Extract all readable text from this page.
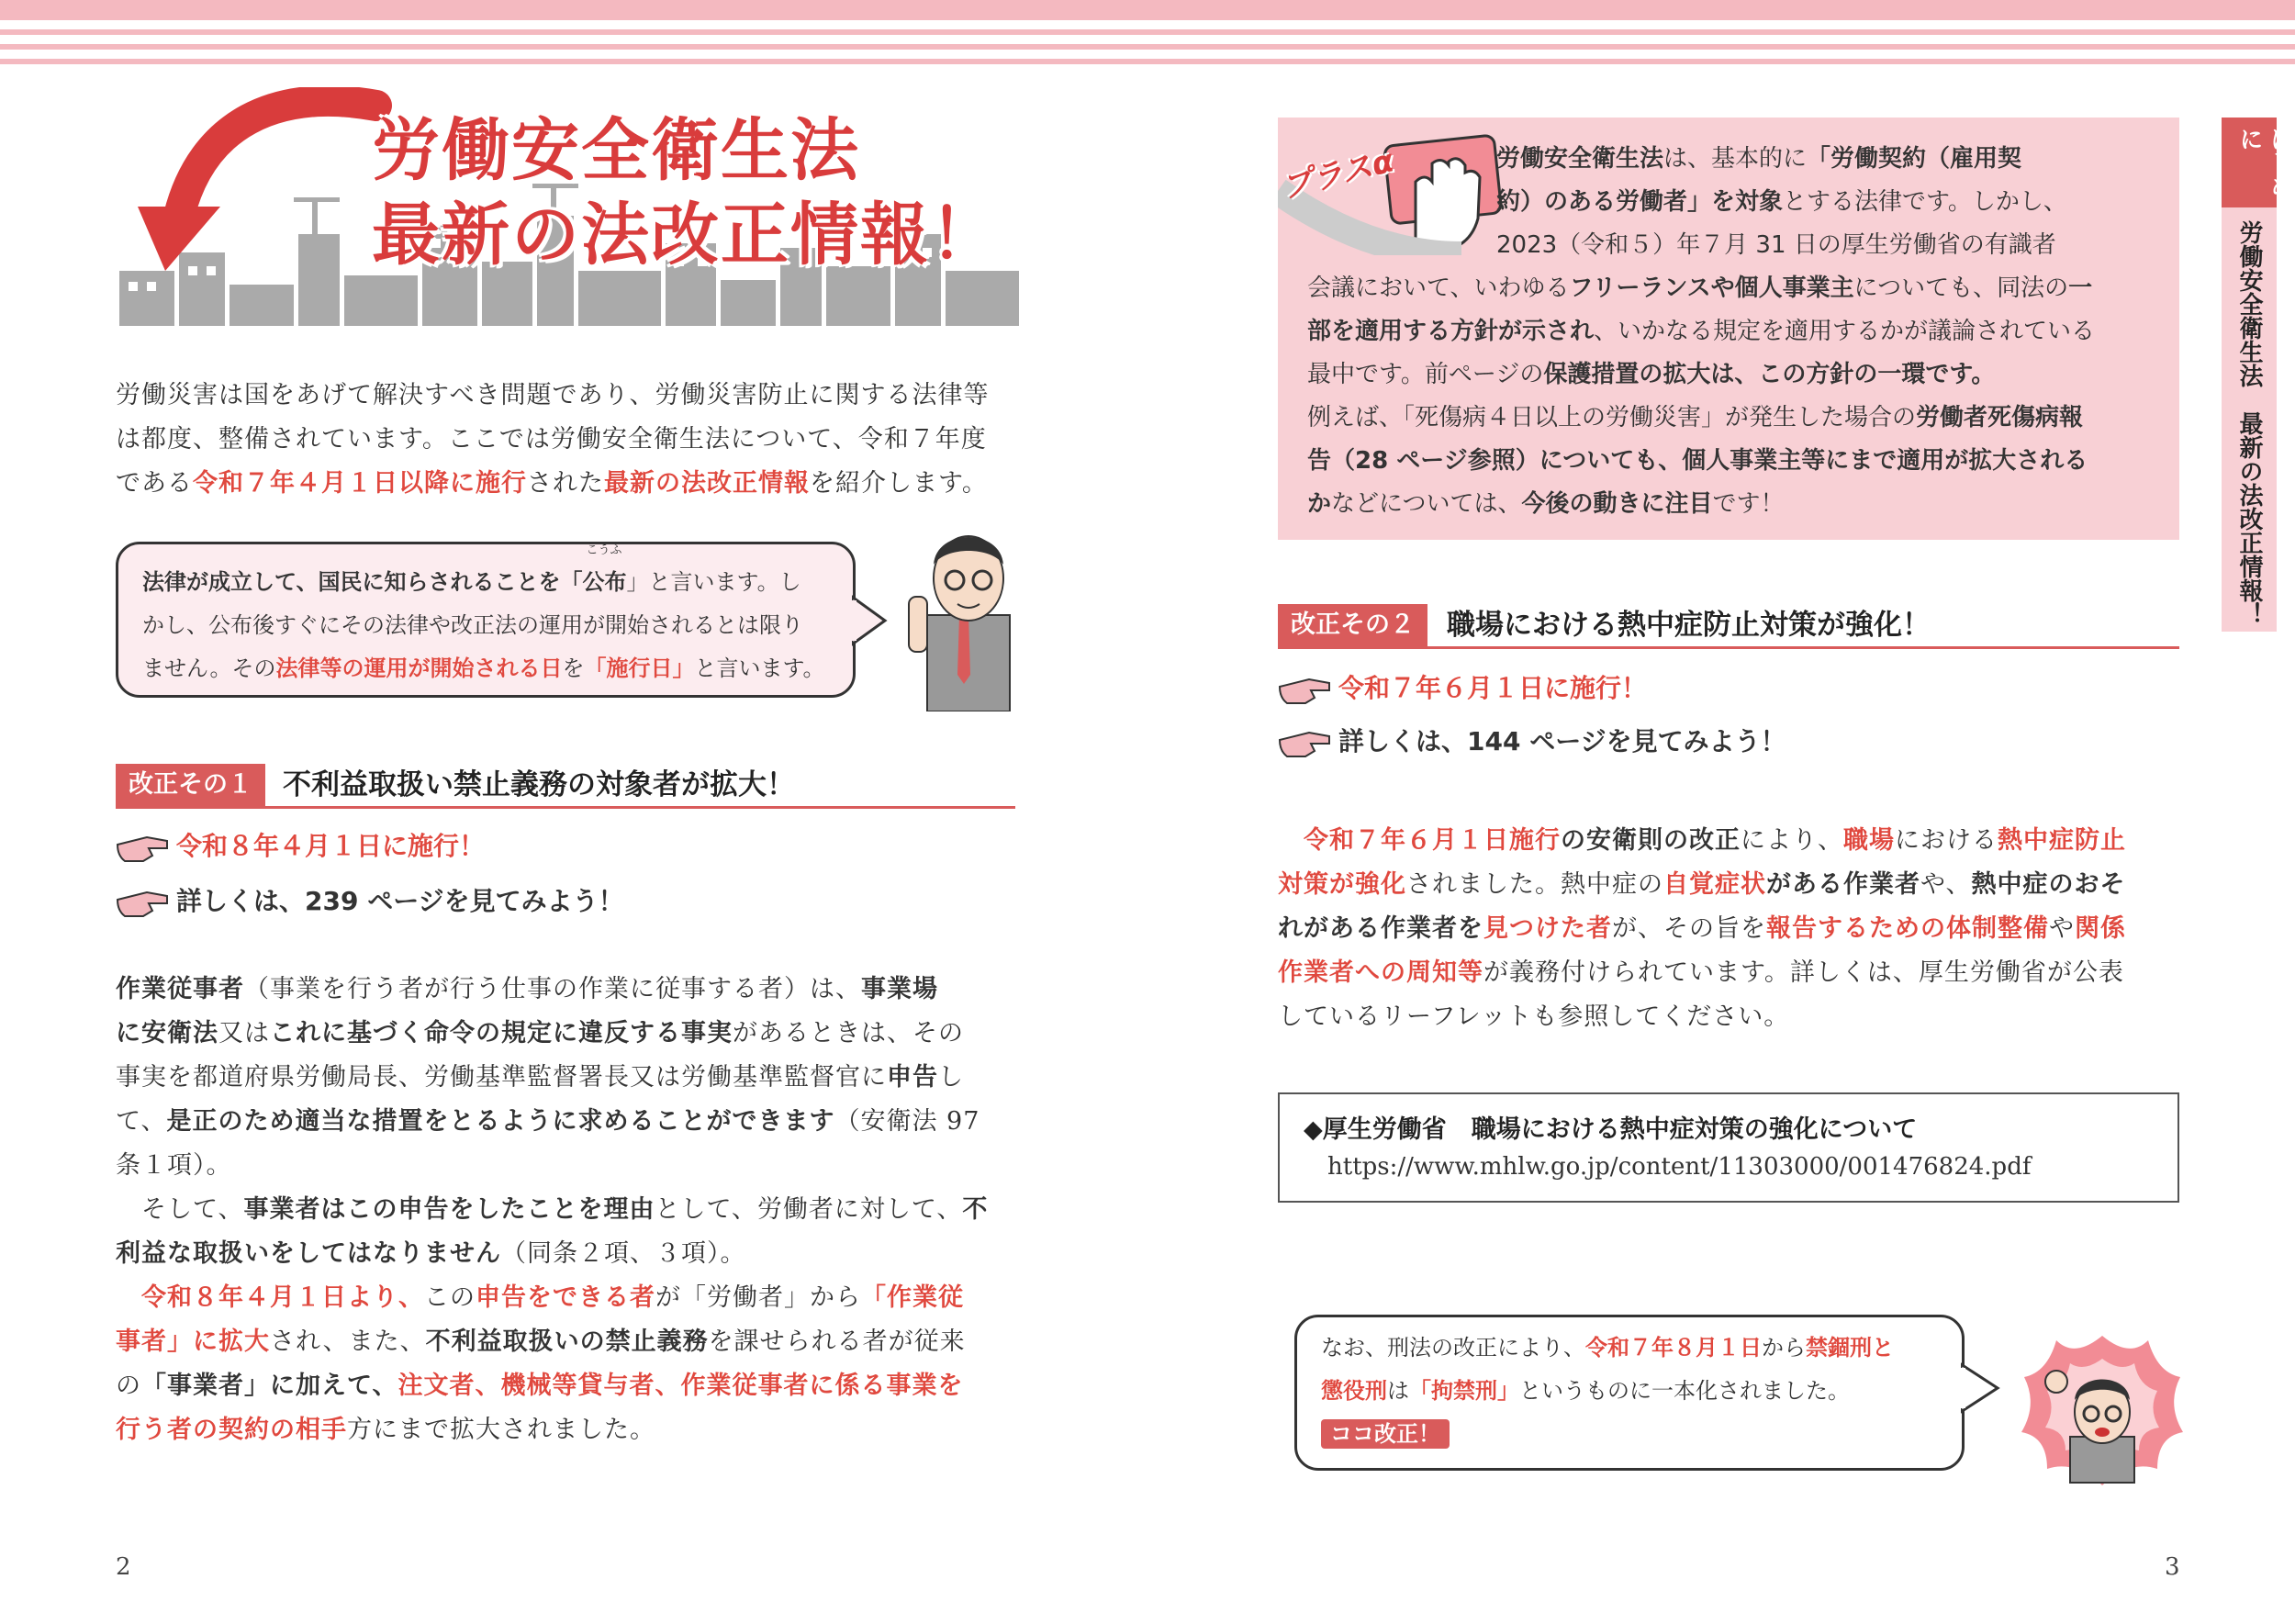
労働安全衛生法
最新の法改正情報！
労働災害は国をあげて解決すべき問題であり、労働災害防止に関する法律等
は都度、整備されています。ここでは労働安全衛生法について、令和７年度
である令和７年４月１日以降に施行された最新の法改正情報を紹介します。
法律が成立して、国民に知らされることを「
こうふ
公布」と言います。し
かし、公布後すぐにその法律や改正法の運用が開始されるとは限り
ません。その法律等の運用が開始される日を「施行日」と言います。
改正その１	不利益取扱い禁止義務の対象者が拡大！
令和８年４月１日に施行！
詳しくは、239 ページを見てみよう！
作業従事者（事業を行う者が行う仕事の作業に従事する者）は、事業場
に安衛法又はこれに基づく命令の規定に違反する事実があるときは、その
事実を都道府県労働局長、労働基準監督署長又は労働基準監督官に申告し
て、是正のため適当な措置をとるように求めることができます（安衛法 97
条１項）。
　そして、事業者はこの申告をしたことを理由として、労働者に対して、不
利益な取扱いをしてはなりません（同条２項、３項）。
　令和８年４月１日より、この申告をできる者が「労働者」から「作業従
事者」に拡大され、また、不利益取扱いの禁止義務を課せられる者が従来
の「事業者」に加えて、注文者、機械等貸与者、作業従事者に係る事業を
行う者の契約の相手方にまで拡大されました。
2
プラスα	労働安全衛生法は、基本的に「労働契約（雇用契
約）のある労働者」を対象とする法律です。しかし、
2023（令和５）年７月 31 日の厚生労働省の有識者
会議において、いわゆるフリーランスや個人事業主についても、同法の一
部を適用する方針が示され、いかなる規定を適用するかが議論されている
最中です。前ページの保護措置の拡大は、この方針の一環です。
例えば、「死傷病４日以上の労働災害」が発生した場合の労働者死傷病報
告（28 ページ参照）についても、個人事業主等にまで適用が拡大される
かなどについては、今後の動きに注目です！
改正その２	職場における熱中症防止対策が強化！
令和７年６月１日に施行！
詳しくは、144 ページを見てみよう！
　令和７年６月１日施行の安衛則の改正により、職場における熱中症防止
対策が強化されました。熱中症の自覚症状がある作業者や、熱中症のおそ
れがある作業者を見つけた者が、その旨を報告するための体制整備や関係
作業者への周知等が義務付けられています。詳しくは、厚生労働省が公表
しているリーフレットも参照してください。
◆厚生労働省　職場における熱中症対策の強化について
https://www.mhlw.go.jp/content/11303000/001476824.pdf
なお、刑法の改正により、令和７年８月１日から禁錮刑と
懲役刑は「拘禁刑」というものに一本化されました。
ココ改正！
はじめに
労働安全衛生法　最新の法改正情報！
3
